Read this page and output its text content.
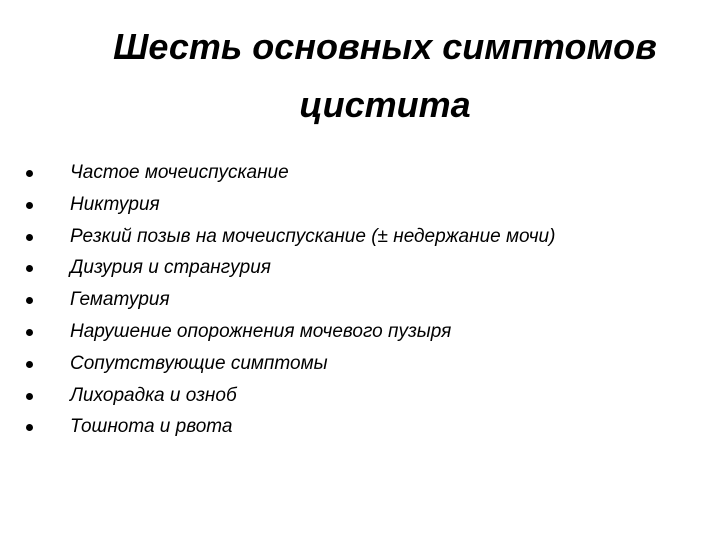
Шесть основных симптомов
цистита
Частое мочеиспускание
Никтурия
Резкий позыв на мочеиспускание (± недержание мочи)
Дизурия и странгурия
Гематурия
Нарушение опорожнения мочевого пузыря
Сопутствующие симптомы
Лихорадка и озноб
Тошнота и рвота
